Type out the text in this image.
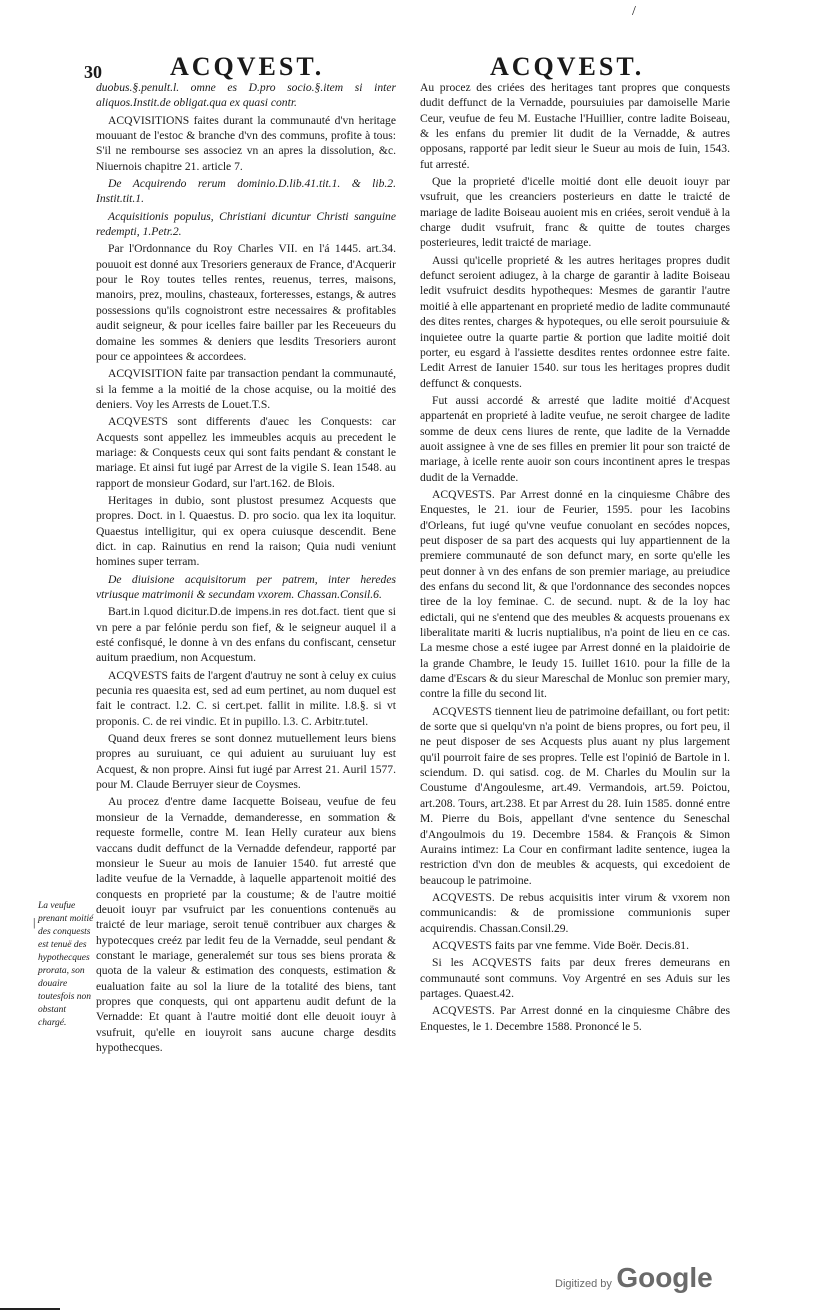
/
30	ACQVEST.	ACQVEST.

duobus.§.penult.l. omne es D.pro socio.§.item si inter aliquos.Instit.de obligat.qua ex quasi contr.

ACQVISITIONS faites durant la communauté d'vn heritage mouuant de l'estoc & branche d'vn des communs, profite à tous: S'il ne rembourse ses associez vn an apres la dissolution, &c. Niuernois chapitre 21. article 7.

De Acquirendo rerum dominio.D.lib.41.tit.1. & lib.2. Instit.tit.1.

Acquisitionis populus, Christiani dicuntur Christi sanguine redempti, 1.Petr.2.

Par l'Ordonnance du Roy Charles VII. en l'á 1445. art.34. pouuoit est donné aux Tresoriers generaux de France, d'Acquerir pour le Roy toutes telles rentes, reuenus, terres, maisons, manoirs, prez, moulins, chasteaux, forteresses, estangs, & autres possessions qu'ils cognoistront estre necessaires & profitables audit seigneur, & pour icelles faire bailler par les Receueurs du domaine les sommes & deniers que lesdits Tresoriers auront pour ce appointees & accordees.

ACQVISITION faite par transaction pendant la communauté, si la femme a la moitié de la chose acquise, ou la moitié des deniers. Voy les Arrests de Louet.T.S.

ACQVESTS sont differents d'auec les Conquests: car Acquests sont appellez les immeubles acquis au precedent le mariage: & Conquests ceux qui sont faits pendant & constant le mariage. Et ainsi fut iugé par Arrest de la vigile S. Iean 1548. au rapport de monsieur Godard, sur l'art.162. de Blois.

Heritages in dubio, sont plustost presumez Acquests que propres. Doct. in l. Quaestus. D. pro socio. qua lex ita loquitur. Quaestus intelligitur, qui ex opera cuiusque descendit. Bene dict. in cap. Rainutius en rend la raison; Quia nudi veniunt homines super terram.

De diuisione acquisitorum per patrem, inter heredes vtriusque matrimonii & secundam vxorem. Chassan.Consil.6.

Bart.in l.quod dicitur.D.de impens.in res dot.fact. tient que si vn pere a par felónie perdu son fief, & le seigneur auquel il a esté confisqué, le donne à vn des enfans du confiscant, censetur auitum praedium, non Acquestum.

ACQVESTS faits de l'argent d'autruy ne sont à celuy ex cuius pecunia res quaesita est, sed ad eum pertinet, au nom duquel est fait le contract. l.2. C. si cert.pet. fallit in milite. l.8.§. si vt proponis. C. de rei vindic. Et in pupillo. l.3. C. Arbitr.tutel.

Quand deux freres se sont donnez mutuellement leurs biens propres au suruiuant, ce qui aduient au suruiuant luy est Acquest, & non propre. Ainsi fut iugé par Arrest 21. Auril 1577. pour M. Claude Berruyer sieur de Coysmes.

Au procez d'entre dame Iacquette Boiseau, veufue de feu monsieur de la Vernadde, demanderesse, en sommation & requeste formelle, contre M. Iean Helly curateur aux biens vaccans dudit deffunct de la Vernadde defendeur, rapporté par monsieur le Sueur au mois de Ianuier 1540. fut arresté que ladite veufue de la Vernadde, à laquelle appartenoit moitié des conquests en proprieté par la coustume; & de l'autre moitié deuoit iouyr par vsufruict par les conuentions contenuës au traicté de leur mariage, seroit tenuë contribuer aux charges & hypotecques creéz par ledit feu de la Vernadde, seul pendant & constant le mariage, generalemét sur tous ses biens prorata & quota de la valeur & estimation des conquests, estimation & eualuation faite au sol la liure de la totalité des biens, tant propres que conquests, qui ont appartenu audit defunt de la Vernadde: Et quant à l'autre moitié dont elle deuoit iouyr à vsufruit, qu'elle en iouyroit sans aucune charge desdits hypothecques.

Au procez des criées des heritages tant propres que conquests dudit deffunct de la Vernadde, poursuiuies par damoiselle Marie Ceur, veufue de feu M. Eustache l'Huillier, contre ladite Boiseau, & les enfans du premier lit dudit de la Vernadde, & autres opposans, rapporté par ledit sieur le Sueur au mois de Iuin, 1543. fut arresté.

Que la proprieté d'icelle moitié dont elle deuoit iouyr par vsufruit, que les creanciers posterieurs en datte le traicté de mariage de ladite Boiseau auoient mis en criées, seroit venduë à la charge dudit vsufruit, franc & quitte de toutes charges posterieures, ledit traicté de mariage.

Aussi qu'icelle proprieté & les autres heritages propres dudit defunct seroient adiugez, à la charge de garantir à ladite Boiseau ledit vsufruict desdits hypotheques: Mesmes de garantir l'autre moitié à elle appartenant en proprieté medio de ladite communauté des dites rentes, charges & hypoteques, ou elle seroit poursuiuie & inquietee outre la quarte partie & portion que ladite moitié doit porter, eu esgard à l'assiette desdites rentes ordonnee estre faite. Ledit Arrest de Ianuier 1540. sur tous les heritages propres dudit deffunct & conquests.

Fut aussi accordé & arresté que ladite moitié d'Acquest appartenát en proprieté à ladite veufue, ne seroit chargee de ladite somme de deux cens liures de rente, que ladite de la Vernadde auoit assignee à vne de ses filles en premier lit pour son traicté de mariage, à icelle rente auoir son cours incontinent apres le trespas dudit de la Vernadde.

ACQVESTS. Par Arrest donné en la cinquiesme Châbre des Enquestes, le 21. iour de Feurier, 1595. pour les Iacobins d'Orleans, fut iugé qu'vne veufue conuolant en secódes nopces, peut disposer de sa part des acquests qui luy appartiennent de la premiere communauté de son defunct mary, en sorte qu'elle les peut donner à vn des enfans de son premier mariage, au preiudice des enfans du second lit, & que l'ordonnance des secondes nopces tiree de la loy feminae. C. de secund. nupt. & de la loy hac edictali, qui ne s'entend que des meubles & acquests prouenans ex liberalitate mariti & lucris nuptialibus, n'a point de lieu en ce cas. La mesme chose a esté iugee par Arrest donné en la plaidoirie de la grande Chambre, le Ieudy 15. Iuillet 1610. pour la fille de la dame d'Escars & du sieur Mareschal de Monluc son premier mary, contre la fille du second lit.

ACQVESTS tiennent lieu de patrimoine defaillant, ou fort petit: de sorte que si quelqu'vn n'a point de biens propres, ou fort peu, il ne peut disposer de ses Acquests plus auant ny plus largement qu'il pourroit faire de ses propres. Telle est l'opinió de Bartole in l. sciendum. D. qui satisd. cog. de M. Charles du Moulin sur la Coustume d'Angoulesme, art.49. Vermandois, art.59. Poictou, art.208. Tours, art.238. Et par Arrest du 28. Iuin 1585. donné entre M. Pierre du Bois, appellant d'vne sentence du Seneschal d'Angoulmois du 19. Decembre 1584. & François & Simon Aurains intimez: La Cour en confirmant ladite sentence, iugea la restriction d'vn don de meubles & acquests, qui excedoient de beaucoup le patrimoine.

ACQVESTS. De rebus acquisitis inter virum & vxorem non communicandis: & de promissione communionis super acquirendis. Chassan.Consil.29.

ACQVESTS faits par vne femme. Vide Boër. Decis.81.

Si les ACQVESTS faits par deux freres demeurans en communauté sont communs. Voy Argentré en ses Aduis sur les partages. Quaest.42.

ACQVESTS. Par Arrest donné en la cinquiesme Châbre des Enquestes, le 1. Decembre 1588. Prononcé le 5.

|
La veufue prenant moitié des conquests est tenuë des hypothecques prorata, son douaire toutesfois non obstant chargé.
Digitized by Google
